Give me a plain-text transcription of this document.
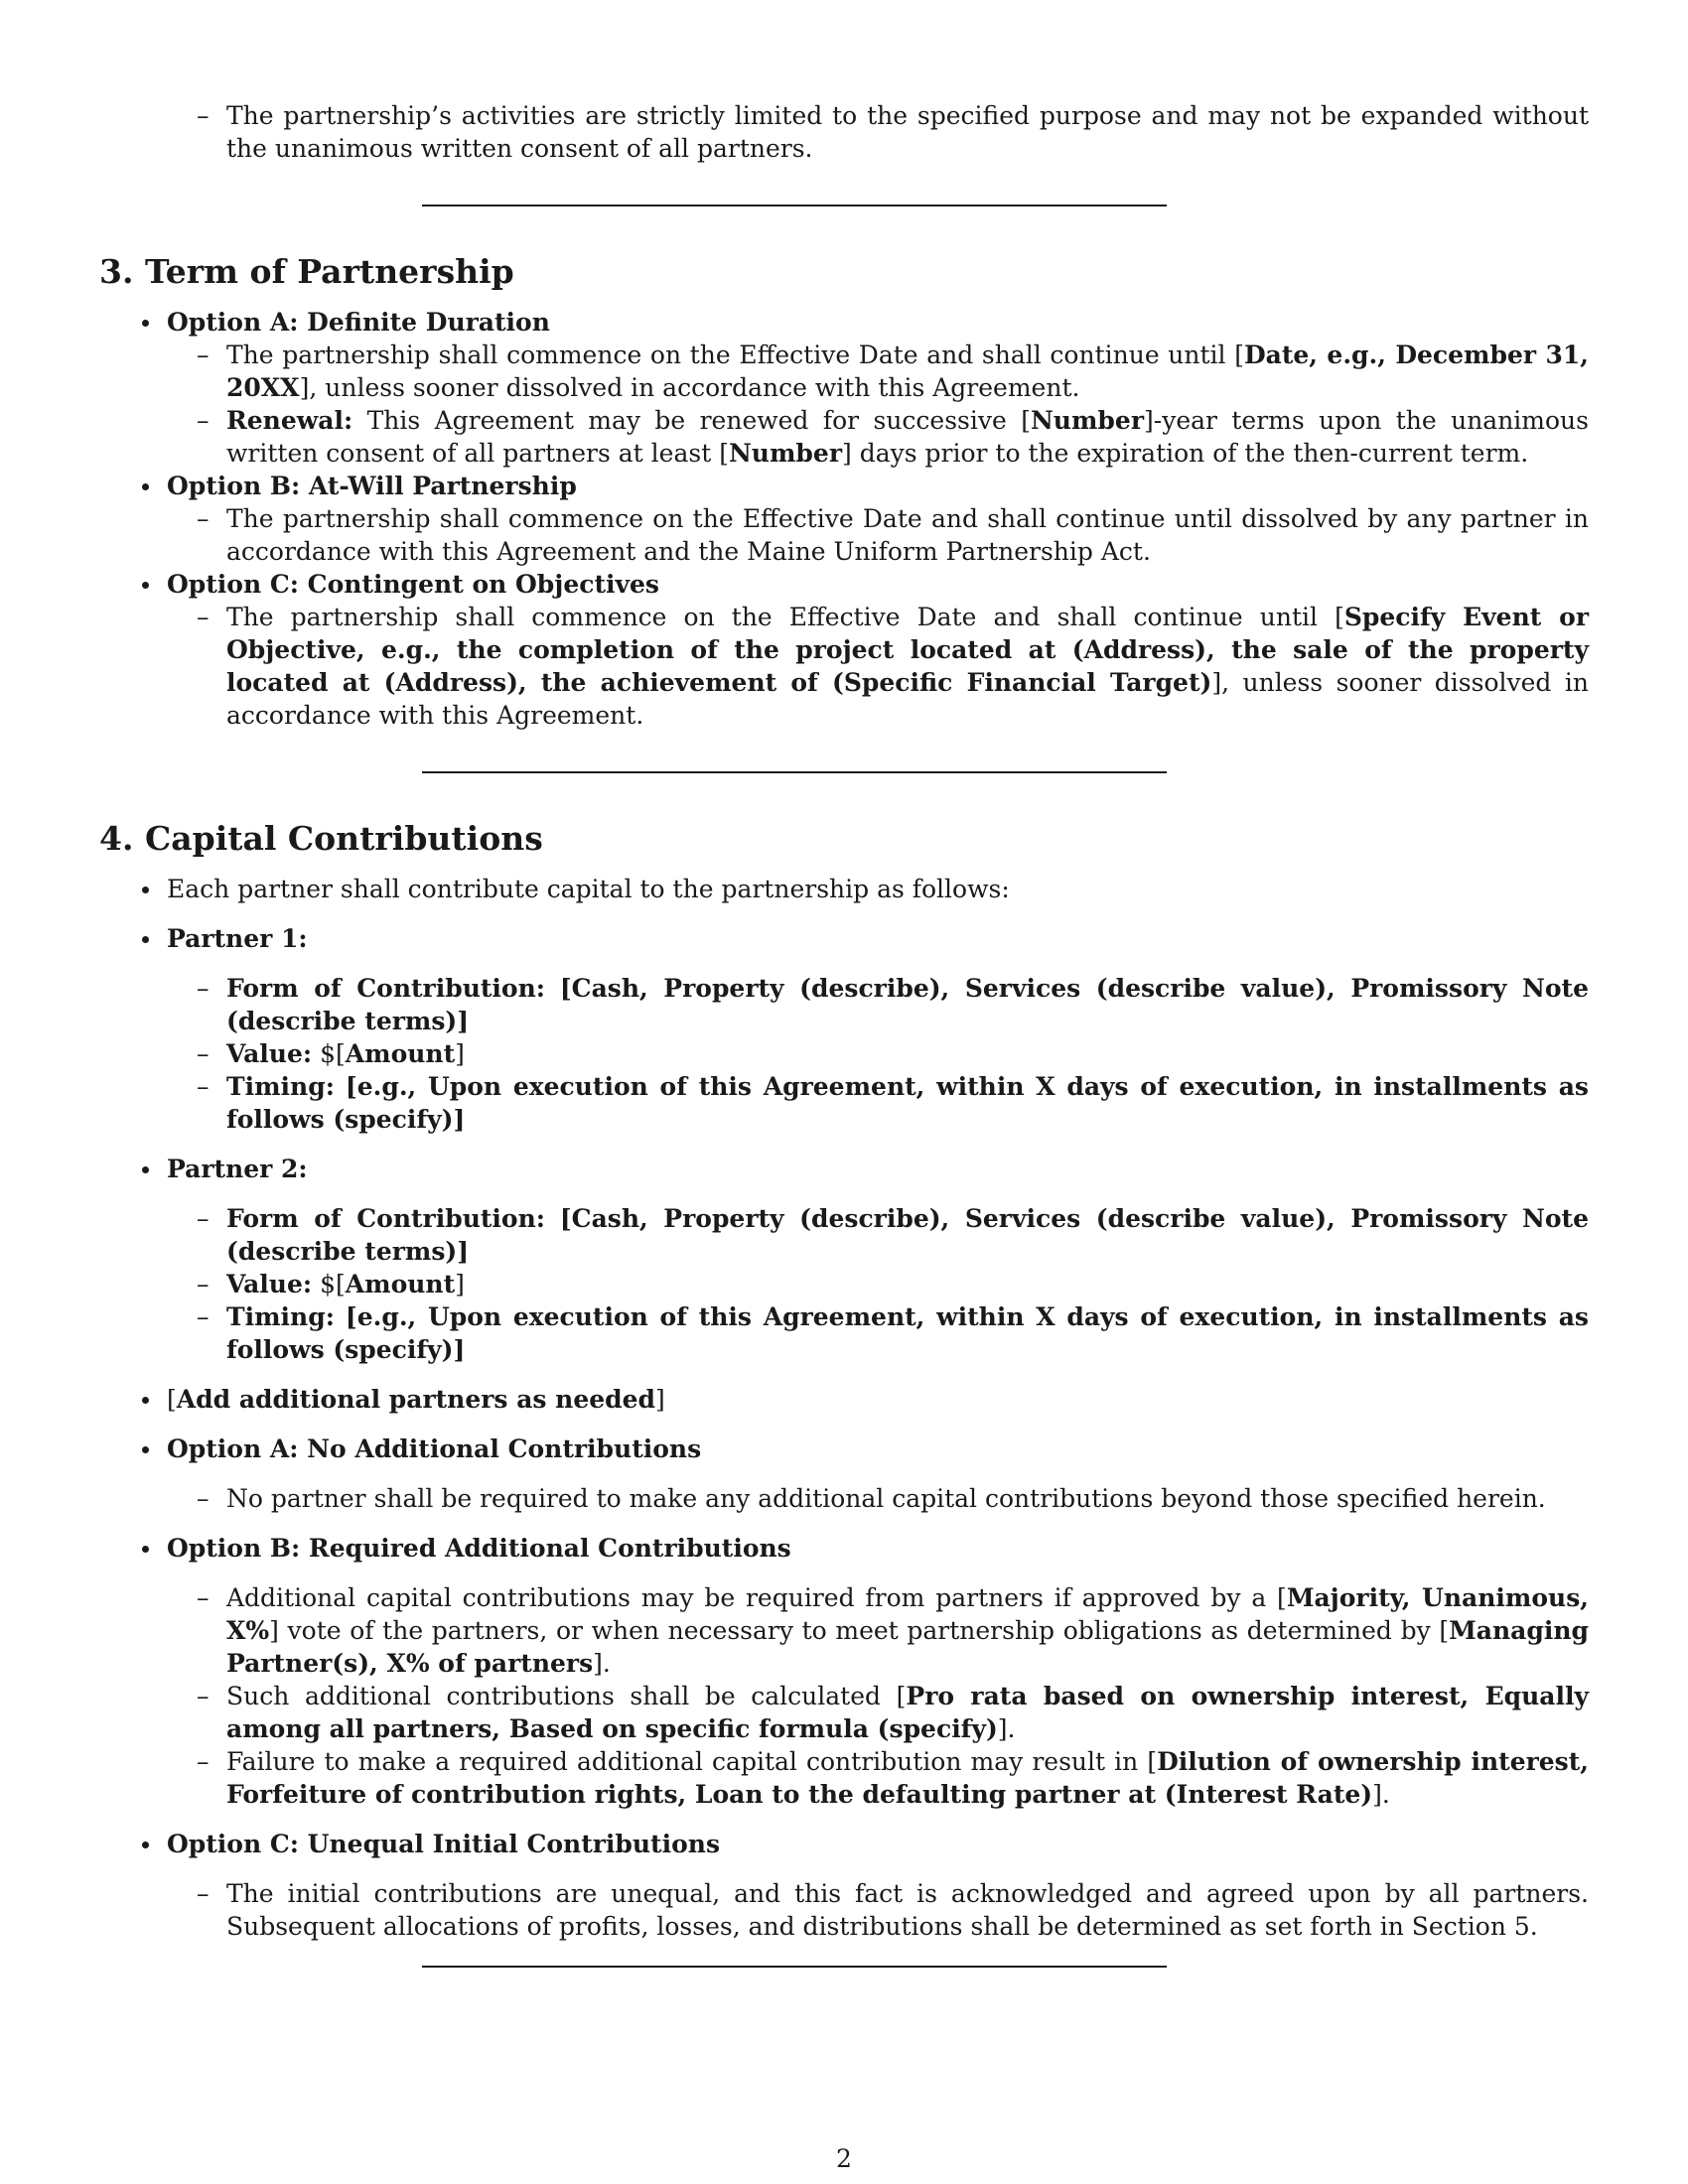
– The partnership’s activities are strictly limited to the specified purpose and may not be expanded without the unanimous written consent of all partners.
3. Term of Partnership
Option A: Definite Duration
– The partnership shall commence on the Effective Date and shall continue until [Date, e.g., December 31, 20XX], unless sooner dissolved in accordance with this Agreement.
– Renewal: This Agreement may be renewed for successive [Number]-year terms upon the unanimous written consent of all partners at least [Number] days prior to the expiration of the then-current term.
Option B: At-Will Partnership
– The partnership shall commence on the Effective Date and shall continue until dissolved by any partner in accordance with this Agreement and the Maine Uniform Partnership Act.
Option C: Contingent on Objectives
– The partnership shall commence on the Effective Date and shall continue until [Specify Event or Objective, e.g., the completion of the project located at (Address), the sale of the property located at (Address), the achievement of (Specific Financial Target)], unless sooner dissolved in accordance with this Agreement.
4. Capital Contributions
Each partner shall contribute capital to the partnership as follows:
Partner 1:
– Form of Contribution: [Cash, Property (describe), Services (describe value), Promissory Note (describe terms)]
– Value: $[Amount]
– Timing: [e.g., Upon execution of this Agreement, within X days of execution, in installments as follows (specify)]
Partner 2:
– Form of Contribution: [Cash, Property (describe), Services (describe value), Promissory Note (describe terms)]
– Value: $[Amount]
– Timing: [e.g., Upon execution of this Agreement, within X days of execution, in installments as follows (specify)]
[Add additional partners as needed]
Option A: No Additional Contributions
– No partner shall be required to make any additional capital contributions beyond those specified herein.
Option B: Required Additional Contributions
– Additional capital contributions may be required from partners if approved by a [Majority, Unanimous, X%] vote of the partners, or when necessary to meet partnership obligations as determined by [Managing Partner(s), X% of partners].
– Such additional contributions shall be calculated [Pro rata based on ownership interest, Equally among all partners, Based on specific formula (specify)].
– Failure to make a required additional capital contribution may result in [Dilution of ownership interest, Forfeiture of contribution rights, Loan to the defaulting partner at (Interest Rate)].
Option C: Unequal Initial Contributions
– The initial contributions are unequal, and this fact is acknowledged and agreed upon by all partners. Subsequent allocations of profits, losses, and distributions shall be determined as set forth in Section 5.
2
